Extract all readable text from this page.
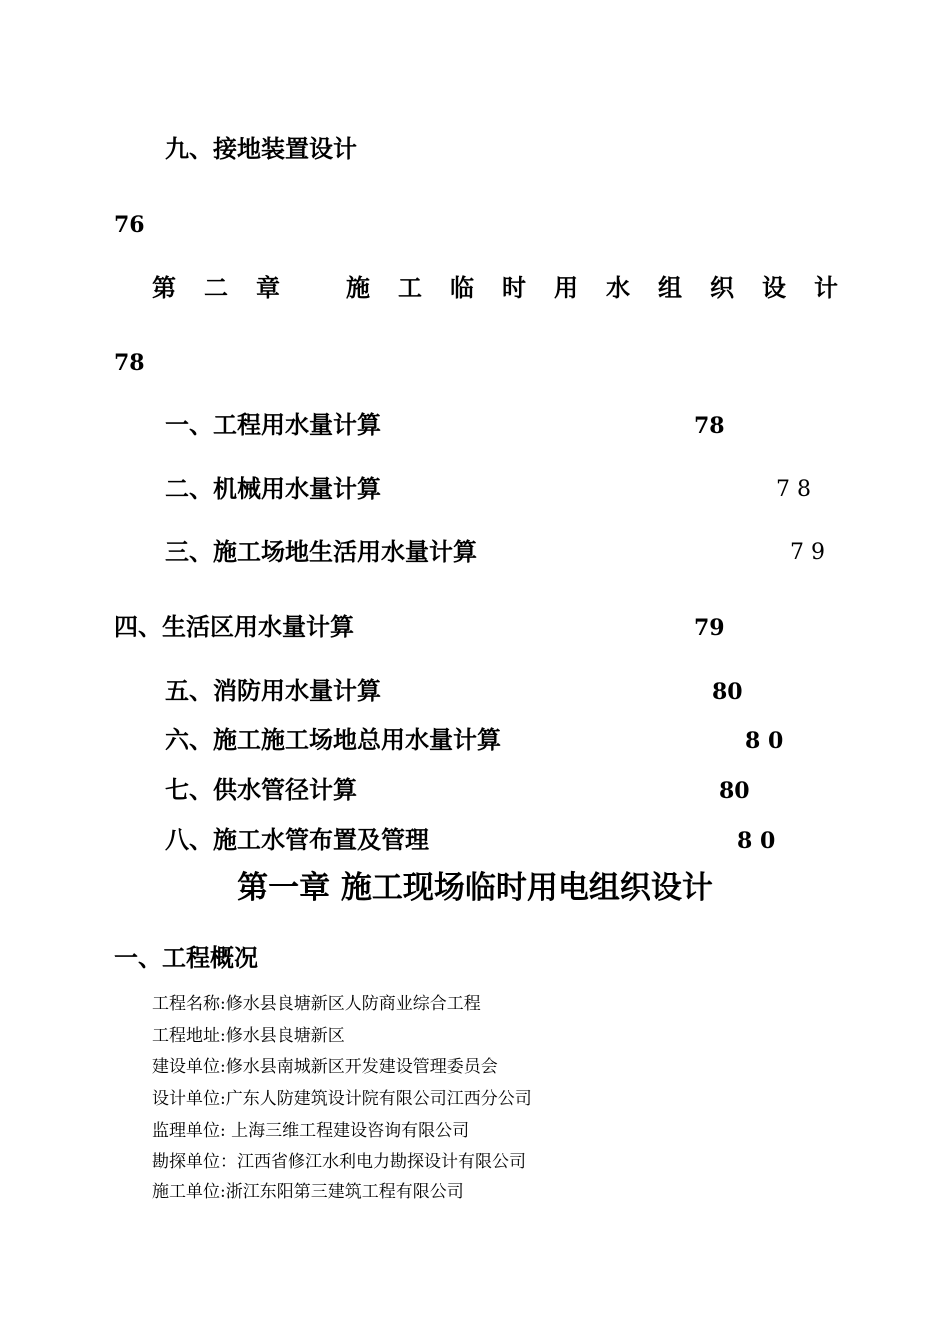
九、接地装置设计
76
第 二 章	施 工 临 时 用 水 组 织 设 计
78
一、工程用水量计算	78
二、机械用水量计算	7 8
三、施工场地生活用水量计算	7 9
四、生活区用水量计算	79
五、消防用水量计算	80
六、施工施工场地总用水量计算	8 0
七、供水管径计算	80
八、施工水管布置及管理	8 0
第一章 施工现场临时用电组织设计
一、工程概况
工程名称:修水县良塘新区人防商业综合工程
工程地址:修水县良塘新区
建设单位:修水县南城新区开发建设管理委员会
设计单位:广东人防建筑设计院有限公司江西分公司
监理单位: 上海三维工程建设咨询有限公司
勘探单位：江西省修江水利电力勘探设计有限公司
施工单位:浙江东阳第三建筑工程有限公司
